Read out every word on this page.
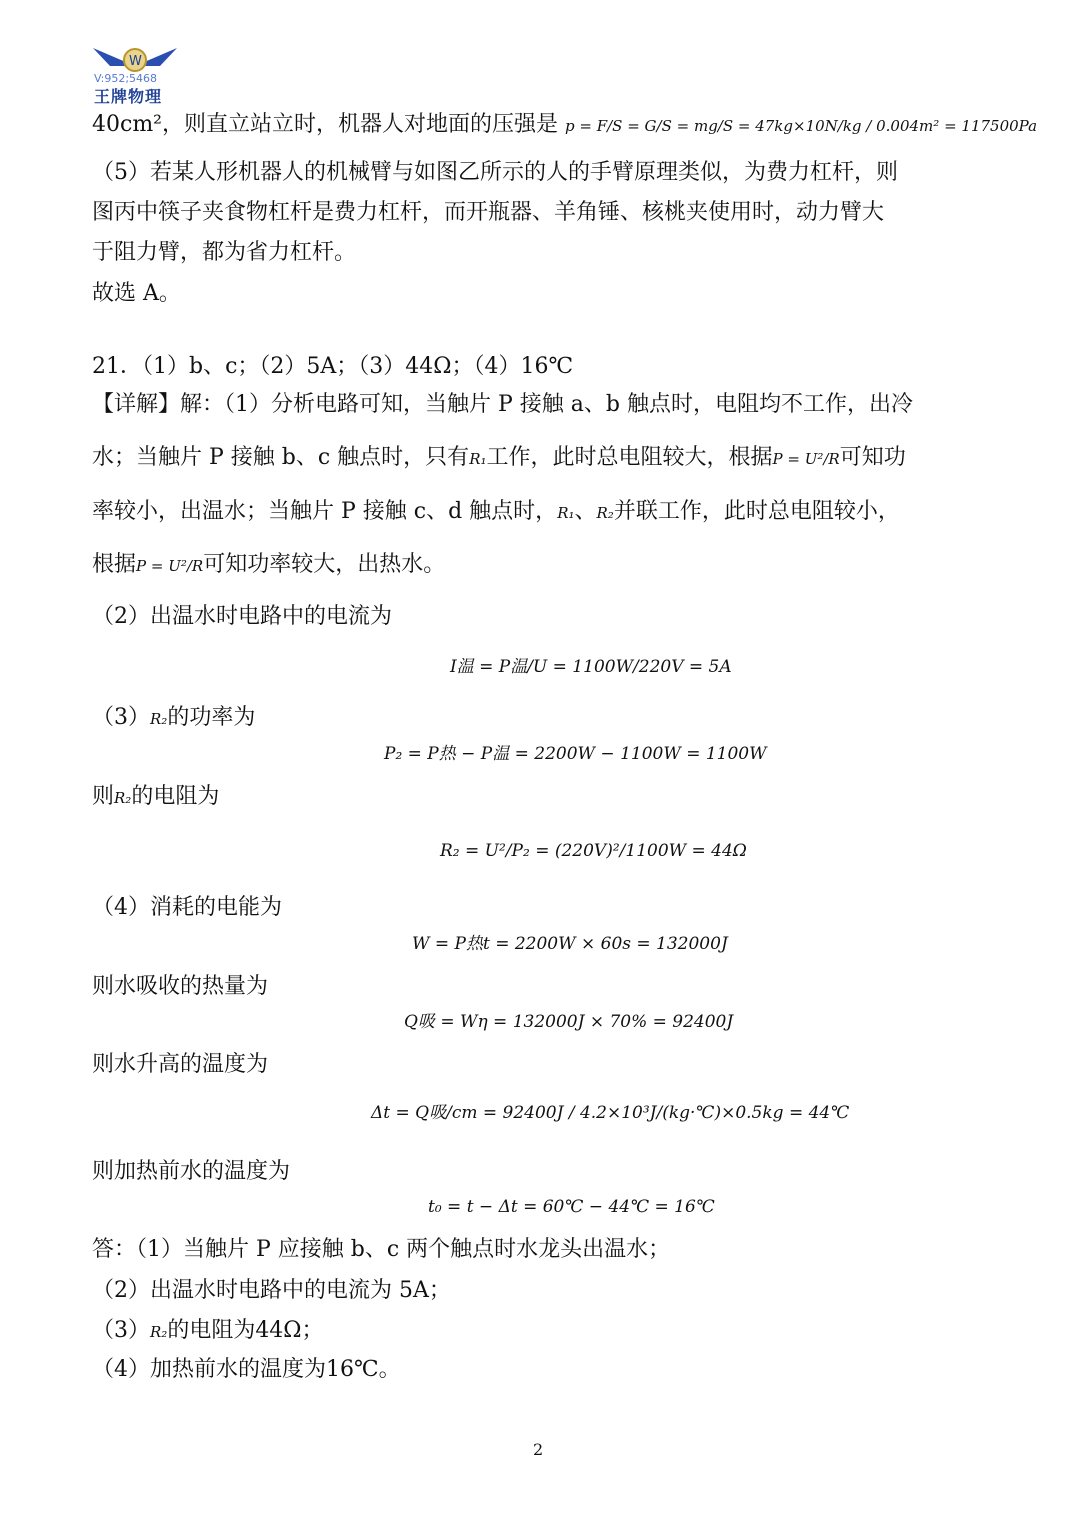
W
V:952;5468
王牌物理
40cm²，则直立站立时，机器人对地面的压强是 p = F/S = G/S = mg/S = 47kg×10N/kg / 0.004m² = 117500Pa
（5）若某人形机器人的机械臂与如图乙所示的人的手臂原理类似，为费力杠杆，则
图丙中筷子夹食物杠杆是费力杠杆，而开瓶器、羊角锤、核桃夹使用时，动力臂大
于阻力臂，都为省力杠杆。
故选 A。
21．（1）b、c；（2）5A；（3）44Ω；（4）16℃
【详解】解：（1）分析电路可知，当触片 P 接触 a、b 触点时，电阻均不工作，出冷
水；当触片 P 接触 b、c 触点时，只有R₁工作，此时总电阻较大，根据P = U²/R可知功
率较小，出温水；当触片 P 接触 c、d 触点时，R₁、R₂并联工作，此时总电阻较小，
根据P = U²/R可知功率较大，出热水。
（2）出温水时电路中的电流为
I温 = P温/U = 1100W/220V = 5A
（3）R₂的功率为
P₂ = P热 − P温 = 2200W − 1100W = 1100W
则R₂的电阻为
R₂ = U²/P₂ = (220V)²/1100W = 44Ω
（4）消耗的电能为
W = P热t = 2200W × 60s = 132000J
则水吸收的热量为
Q吸 = Wη = 132000J × 70% = 92400J
则水升高的温度为
Δt = Q吸/cm = 92400J / 4.2×10³J/(kg·℃)×0.5kg = 44℃
则加热前水的温度为
t₀ = t − Δt = 60℃ − 44℃ = 16℃
答：（1）当触片 P 应接触 b、c 两个触点时水龙头出温水；
（2）出温水时电路中的电流为 5A；
（3）R₂的电阻为44Ω；
（4）加热前水的温度为16℃。
2
